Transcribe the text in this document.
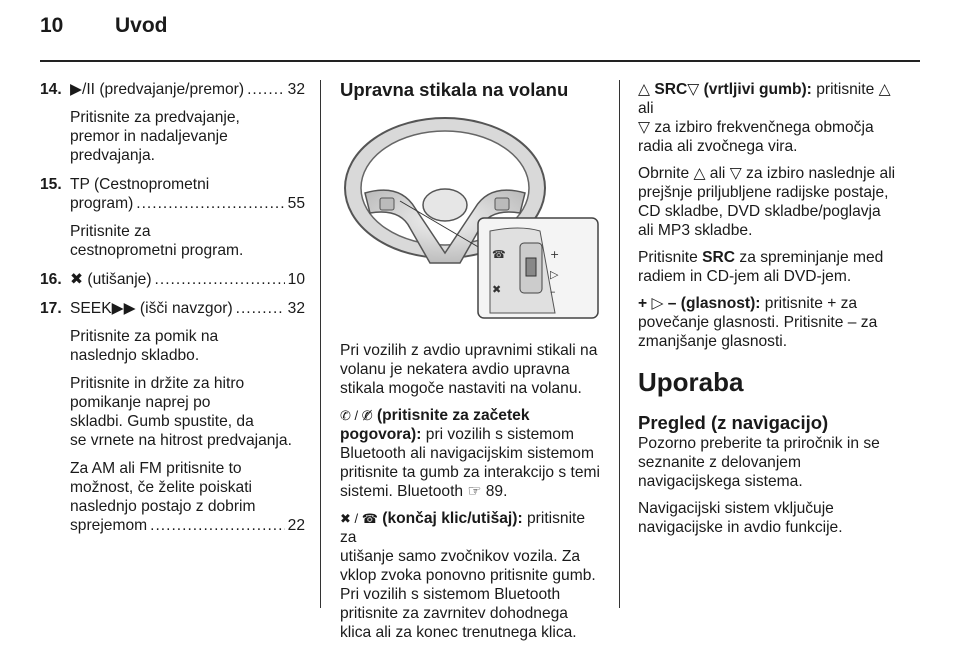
10 Uvod
14. ▶/II (predvajanje/premor) .....	32
Pritisnite za predvajanje,
premor in nadaljevanje
predvajanja.
15. TP (Cestnoprometni
program) .....	55
Pritisnite za
cestnoprometni program.
16. ✖ (utišanje) .....	10
17. SEEK▶▶ (išči navzgor) .....	32
Pritisnite za pomik na
naslednjo skladbo.
Pritisnite in držite za hitro
pomikanje naprej po
skladbi. Gumb spustite, da
se vrnete na hitrost predvajanja.
Za AM ali FM pritisnite to
možnost, če želite poiskati
naslednjo postajo z dobrim
sprejemom .....	22
Upravna stikala na volanu
☎
✖
+
▷
–

Pri vozilih z avdio upravnimi stikali na
volanu je nekatera avdio upravna
stikala mogoče nastaviti na volanu.

✆ / ✆̸ (pritisnite za začetek
pogovora): pri vozilih s sistemom
Bluetooth ali navigacijskim sistemom
pritisnite ta gumb za interakcijo s temi
sistemi. Bluetooth ☞ 89.

✖ / ☎ (končaj klic/utišaj): pritisnite za
utišanje samo zvočnikov vozila. Za
vklop zvoka ponovno pritisnite gumb.
Pri vozilih s sistemom Bluetooth
pritisnite za zavrnitev dohodnega
klica ali za konec trenutnega klica.

△ SRC▽ (vrtljivi gumb): pritisnite △ ali
▽ za izbiro frekvenčnega območja
radia ali zvočnega vira.

Obrnite △ ali ▽ za izbiro naslednje ali
prejšnje priljubljene radijske postaje,
CD skladbe, DVD skladbe/poglavja
ali MP3 skladbe.

Pritisnite SRC za spreminjanje med
radiem in CD-jem ali DVD-jem.

+ ▷ – (glasnost): pritisnite + za
povečanje glasnosti. Pritisnite – za
zmanjšanje glasnosti.

Uporaba
Pregled (z navigacijo)

Pozorno preberite ta priročnik in se
seznanite z delovanjem
navigacijskega sistema.

Navigacijski sistem vključuje
navigacijske in avdio funkcije.
